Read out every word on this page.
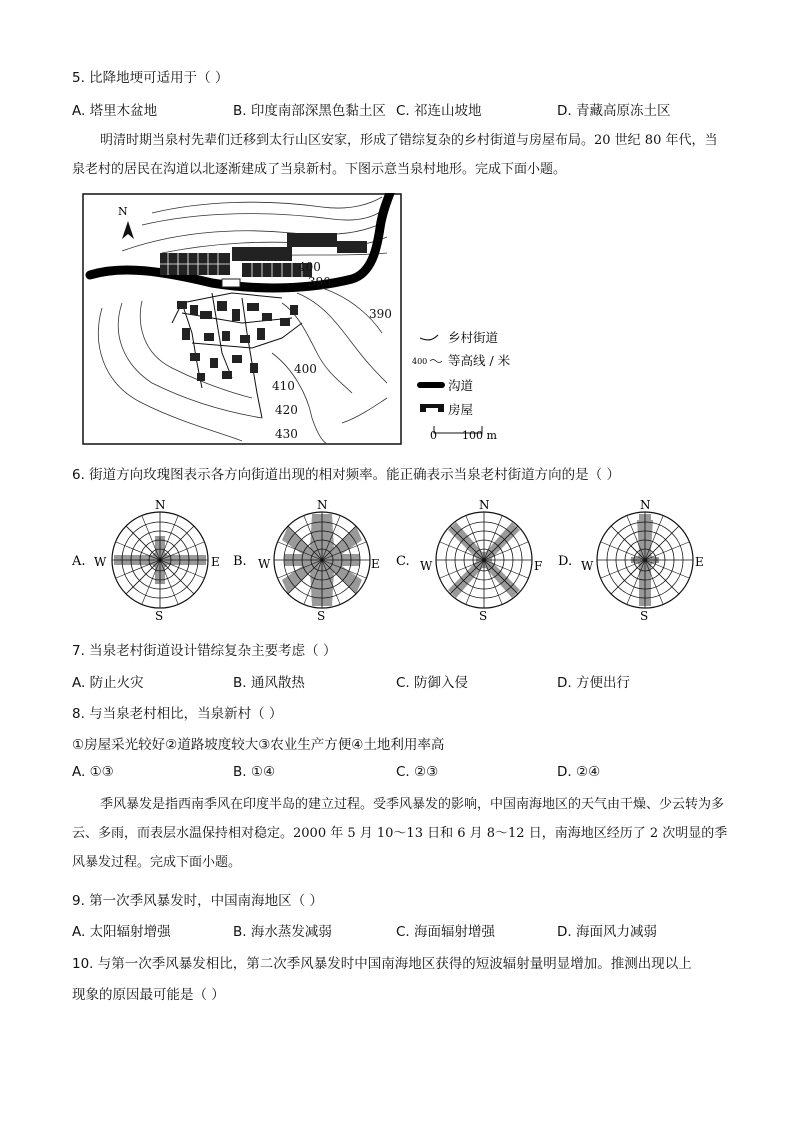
5. 比降地埂可适用于（ ）
A. 塔里木盆地	B. 印度南部深黑色黏土区 C. 祁连山坡地	D. 青藏高原冻土区
明清时期当泉村先辈们迁移到太行山区安家，形成了错综复杂的乡村街道与房屋布局。20 世纪 80 年代，当泉老村的居民在沟道以北逐渐建成了当泉新村。下图示意当泉村地形。完成下面小题。
N
400
390
390
400
410
420
430
乡村街道
400 等高线 / 米
沟道
房屋
0 100 m
6. 街道方向玫瑰图表示各方向街道出现的相对频率。能正确表示当泉老村街道方向的是（ ）
A.
N
S
W	E B.
N
S
W	E C.
N
S
W	F D.
N
S
W	E
7. 当泉老村街道设计错综复杂主要考虑（ ）
A. 防止火灾	B. 通风散热	C. 防御入侵	D. 方便出行
8. 与当泉老村相比，当泉新村（ ）
①房屋采光较好②道路坡度较大③农业生产方便④土地利用率高
A. ①③	B. ①④	C. ②③	D. ②④
季风暴发是指西南季风在印度半岛的建立过程。受季风暴发的影响，中国南海地区的天气由干燥、少云转为多云、多雨，而表层水温保持相对稳定。2000 年 5 月 10～13 日和 6 月 8～12 日，南海地区经历了 2 次明显的季风暴发过程。完成下面小题。
9. 第一次季风暴发时，中国南海地区（ ）
A. 太阳辐射增强	B. 海水蒸发减弱	C. 海面辐射增强	D. 海面风力减弱
10. 与第一次季风暴发相比，第二次季风暴发时中国南海地区获得的短波辐射量明显增加。推测出现以上
现象的原因最可能是（ ）
